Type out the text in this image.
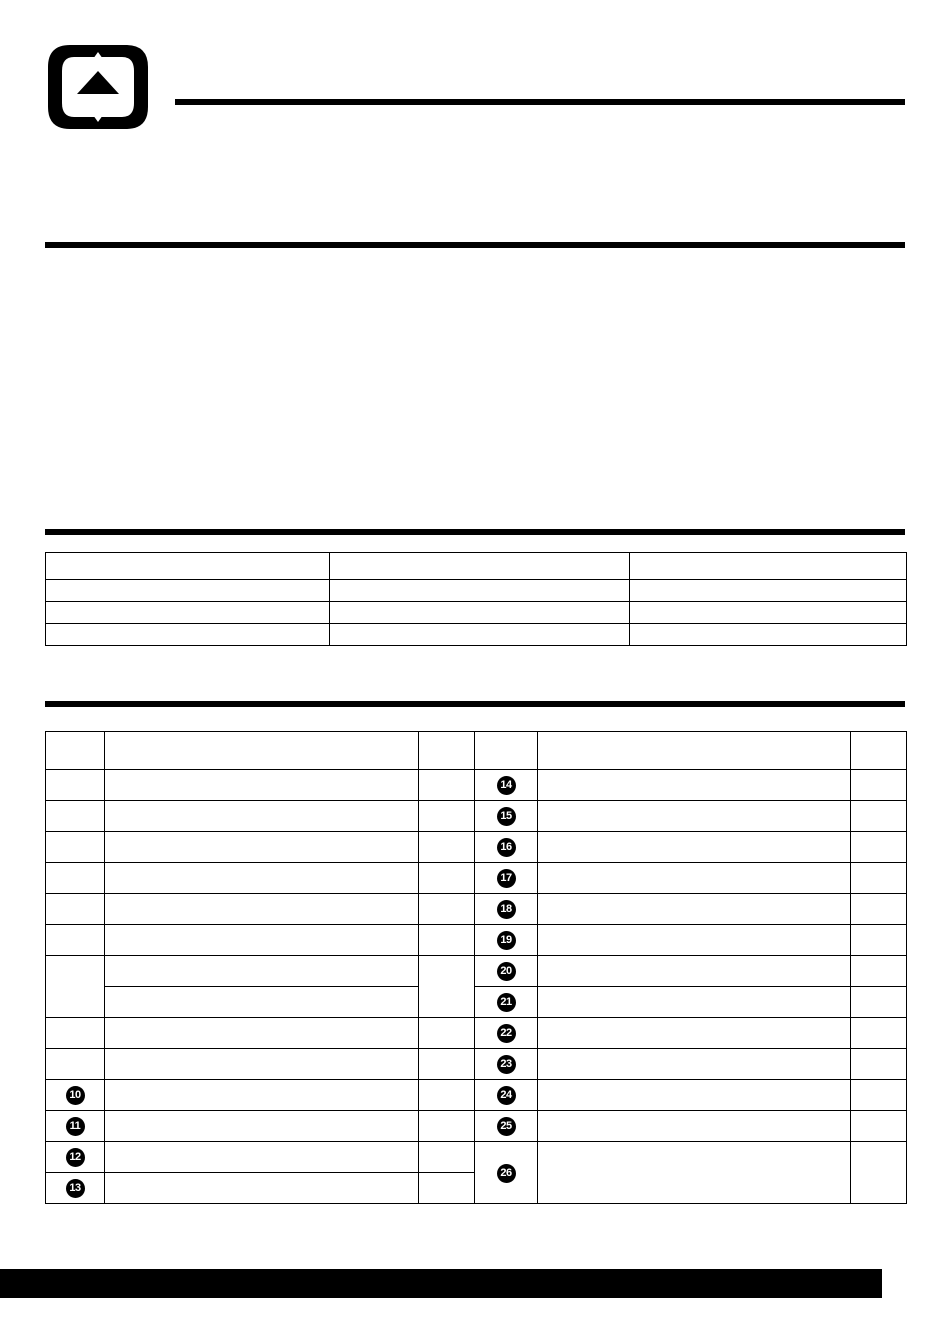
			14		
			15		
			16		
			17		
			18		
			19		
			20		
			21		
			22		
			23		
10			24		
11			25		
12			26		
13					
